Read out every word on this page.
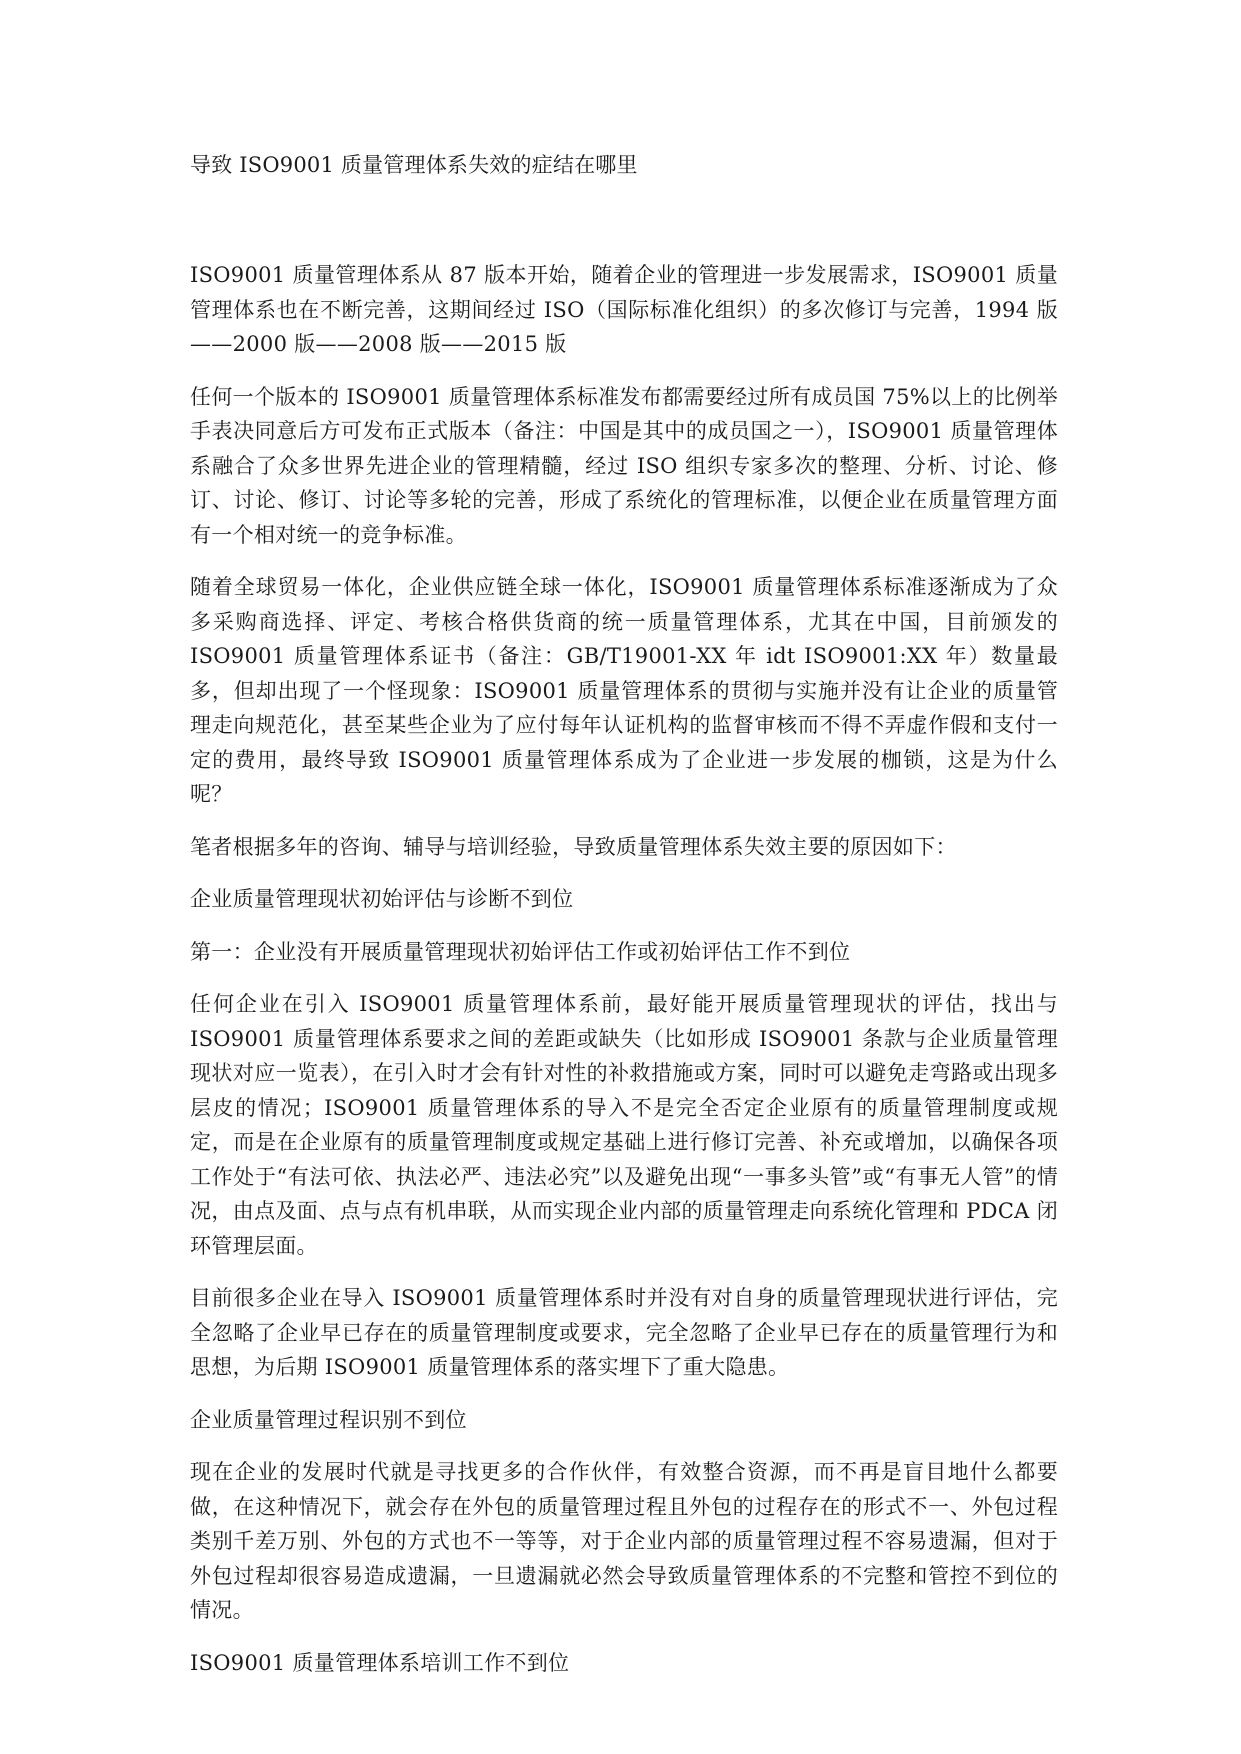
导致 ISO9001 质量管理体系失效的症结在哪里

ISO9001 质量管理体系从 87 版本开始，随着企业的管理进一步发展需求，ISO9001 质量管理体系也在不断完善，这期间经过 ISO（国际标准化组织）的多次修订与完善，1994 版——2000 版——2008 版——2015 版

任何一个版本的 ISO9001 质量管理体系标准发布都需要经过所有成员国 75%以上的比例举手表决同意后方可发布正式版本（备注：中国是其中的成员国之一），ISO9001 质量管理体系融合了众多世界先进企业的管理精髓，经过 ISO 组织专家多次的整理、分析、讨论、修订、讨论、修订、讨论等多轮的完善，形成了系统化的管理标准，以便企业在质量管理方面有一个相对统一的竞争标准。

随着全球贸易一体化，企业供应链全球一体化，ISO9001 质量管理体系标准逐渐成为了众多采购商选择、评定、考核合格供货商的统一质量管理体系，尤其在中国，目前颁发的 ISO9001 质量管理体系证书（备注：GB/T19001-XX 年 idt ISO9001:XX 年）数量最多，但却出现了一个怪现象：ISO9001 质量管理体系的贯彻与实施并没有让企业的质量管理走向规范化，甚至某些企业为了应付每年认证机构的监督审核而不得不弄虚作假和支付一定的费用，最终导致 ISO9001 质量管理体系成为了企业进一步发展的枷锁，这是为什么呢？

笔者根据多年的咨询、辅导与培训经验，导致质量管理体系失效主要的原因如下：

企业质量管理现状初始评估与诊断不到位

第一：企业没有开展质量管理现状初始评估工作或初始评估工作不到位

任何企业在引入 ISO9001 质量管理体系前，最好能开展质量管理现状的评估，找出与 ISO9001 质量管理体系要求之间的差距或缺失（比如形成 ISO9001 条款与企业质量管理现状对应一览表），在引入时才会有针对性的补救措施或方案，同时可以避免走弯路或出现多层皮的情况；ISO9001 质量管理体系的导入不是完全否定企业原有的质量管理制度或规定，而是在企业原有的质量管理制度或规定基础上进行修订完善、补充或增加，以确保各项工作处于“有法可依、执法必严、违法必究”以及避免出现“一事多头管”或“有事无人管”的情况，由点及面、点与点有机串联，从而实现企业内部的质量管理走向系统化管理和 PDCA 闭环管理层面。

目前很多企业在导入 ISO9001 质量管理体系时并没有对自身的质量管理现状进行评估，完全忽略了企业早已存在的质量管理制度或要求，完全忽略了企业早已存在的质量管理行为和思想，为后期 ISO9001 质量管理体系的落实埋下了重大隐患。

企业质量管理过程识别不到位

现在企业的发展时代就是寻找更多的合作伙伴，有效整合资源，而不再是盲目地什么都要做，在这种情况下，就会存在外包的质量管理过程且外包的过程存在的形式不一、外包过程类别千差万别、外包的方式也不一等等，对于企业内部的质量管理过程不容易遗漏，但对于外包过程却很容易造成遗漏，一旦遗漏就必然会导致质量管理体系的不完整和管控不到位的情况。

ISO9001 质量管理体系培训工作不到位
